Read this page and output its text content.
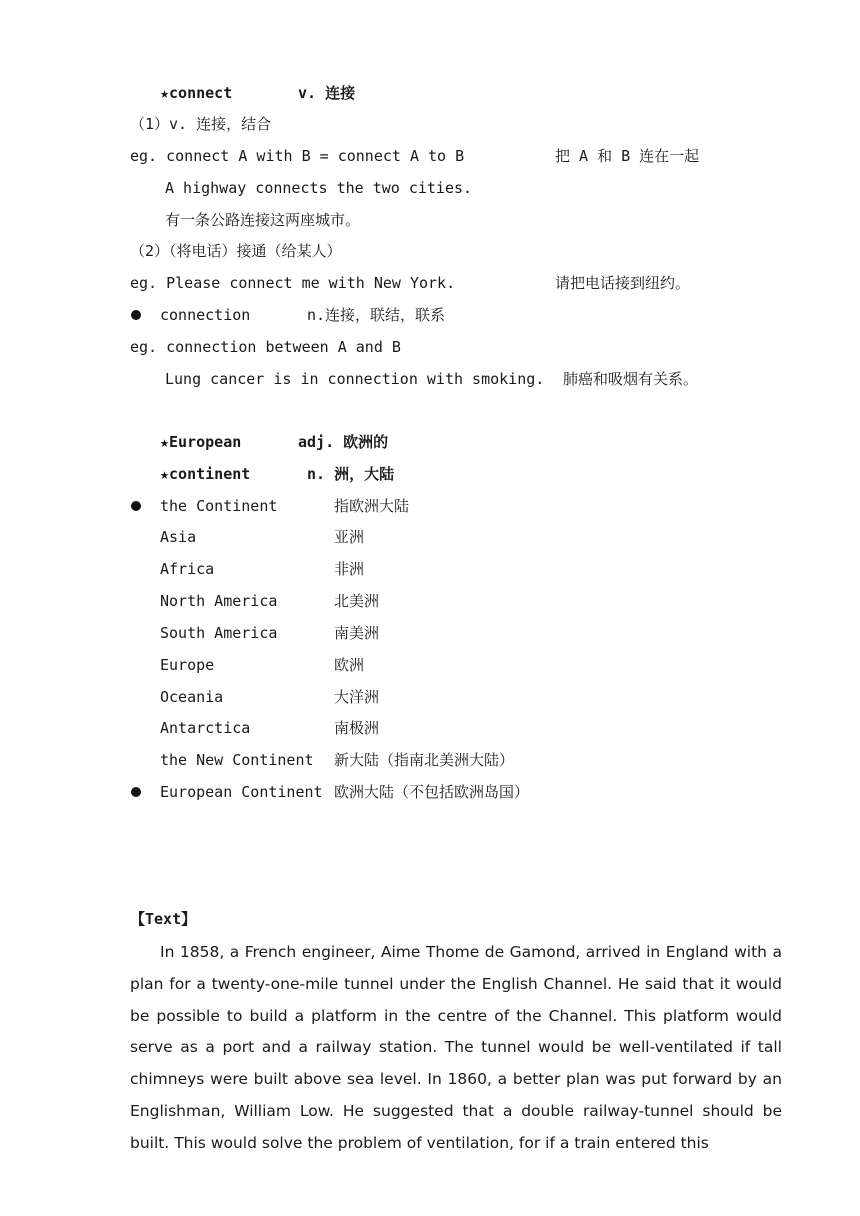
★connect	v. 连接
（1）v. 连接，结合
eg. connect A with B = connect A to B	把 A 和 B 连在一起
A highway connects the two cities.
有一条公路连接这两座城市。
（2）（将电话）接通（给某人）
eg. Please connect me with New York.	请把电话接到纽约。
connection	n.连接，联结，联系
eg. connection between A and B
Lung cancer is in connection with smoking. 肺癌和吸烟有关系。
★European	adj. 欧洲的
★continent	n. 洲，大陆
the Continent	指欧洲大陆
Asia	亚洲
Africa	非洲
North America	北美洲
South America	南美洲
Europe	欧洲
Oceania	大洋洲
Antarctica	南极洲
the New Continent 新大陆（指南北美洲大陆）
European Continent 欧洲大陆（不包括欧洲岛国）
【Text】

In 1858, a French engineer, Aime Thome de Gamond, arrived in England with a plan for a twenty-one-mile tunnel under the English Channel. He said that it would be possible to build a platform in the centre of the Channel. This platform would serve as a port and a railway station. The tunnel would be well-ventilated if tall chimneys were built above sea level. In 1860, a better plan was put forward by an Englishman, William Low. He suggested that a double railway-tunnel should be built. This would solve the problem of ventilation, for if a train entered this
